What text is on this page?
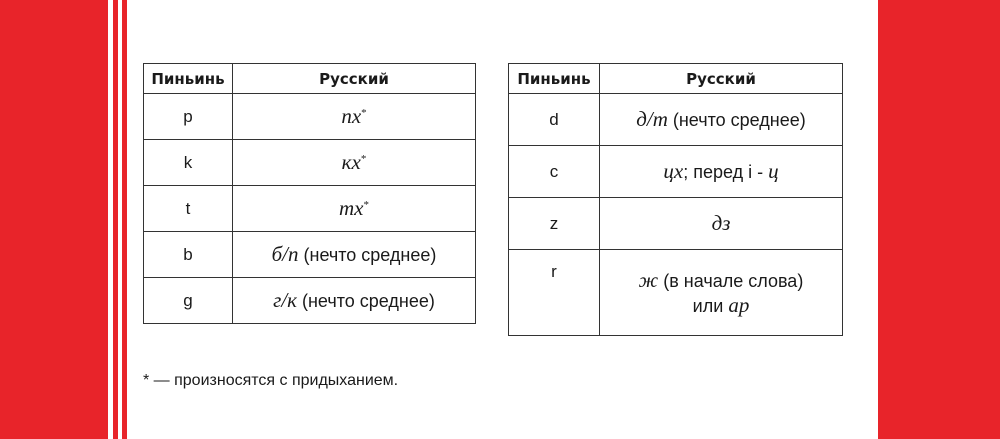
Пиньинь	Русский
p	пх*
k	кх*
t	тх*
b	б/п (нечто среднее)
g	г/к (нечто среднее)
Пиньинь	Русский
d	д/т (нечто среднее)
c	цх; перед i - ц
z	дз
r	ж (в начале слова)
или ар
* — произносятся с придыханием.
